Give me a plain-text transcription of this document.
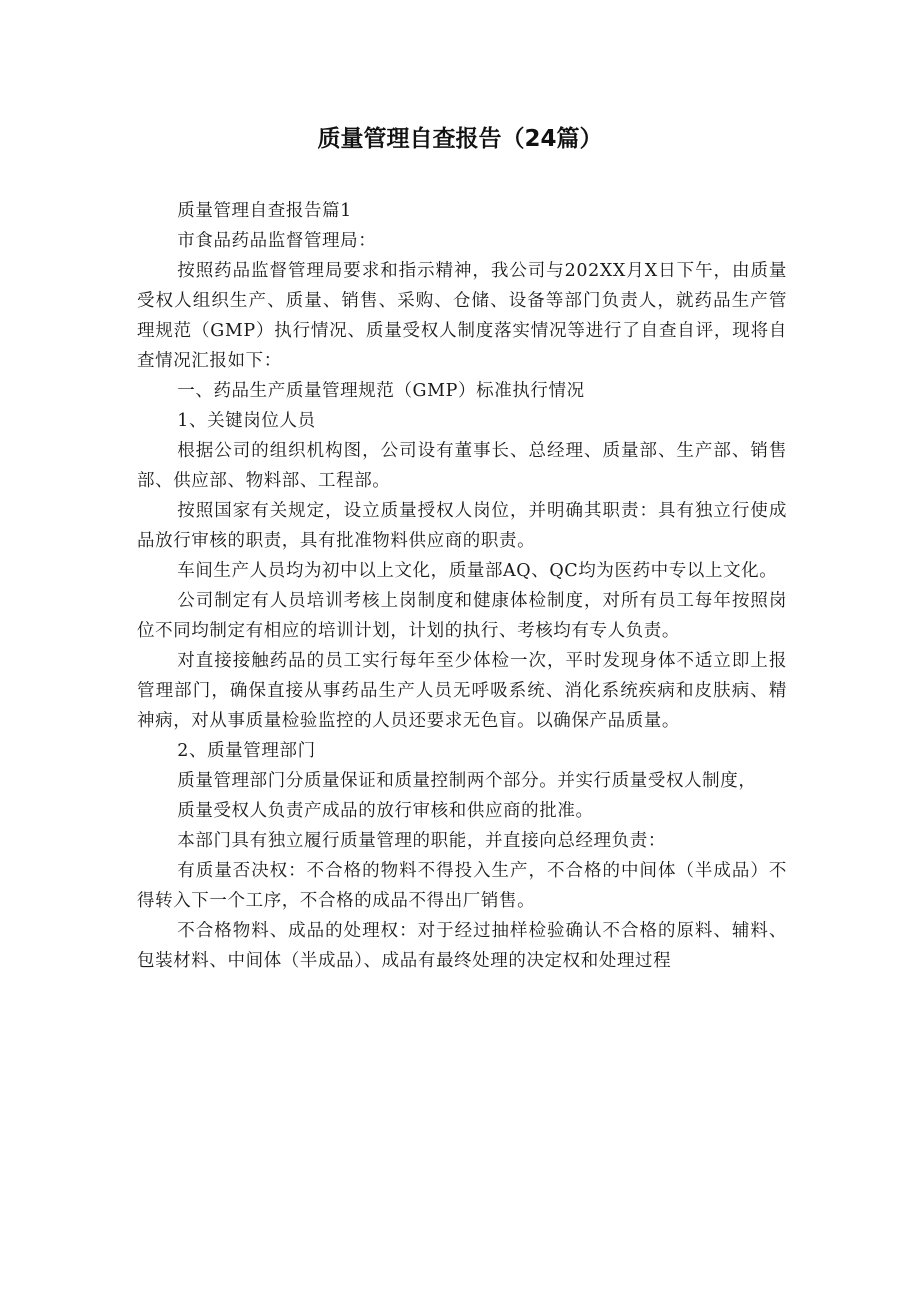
质量管理自查报告（24篇）

质量管理自查报告篇1

市食品药品监督管理局：

按照药品监督管理局要求和指示精神，我公司与202XX月X日下午，由质量受权人组织生产、质量、销售、采购、仓储、设备等部门负责人，就药品生产管理规范（GMP）执行情况、质量受权人制度落实情况等进行了自查自评，现将自查情况汇报如下：

一、药品生产质量管理规范（GMP）标准执行情况

1、关键岗位人员

根据公司的组织机构图，公司设有董事长、总经理、质量部、生产部、销售部、供应部、物料部、工程部。

按照国家有关规定，设立质量授权人岗位，并明确其职责：具有独立行使成品放行审核的职责，具有批准物料供应商的职责。

车间生产人员均为初中以上文化，质量部AQ、QC均为医药中专以上文化。

公司制定有人员培训考核上岗制度和健康体检制度，对所有员工每年按照岗位不同均制定有相应的培训计划，计划的执行、考核均有专人负责。

对直接接触药品的员工实行每年至少体检一次，平时发现身体不适立即上报管理部门，确保直接从事药品生产人员无呼吸系统、消化系统疾病和皮肤病、精神病，对从事质量检验监控的人员还要求无色盲。以确保产品质量。

2、质量管理部门

质量管理部门分质量保证和质量控制两个部分。并实行质量受权人制度，

质量受权人负责产成品的放行审核和供应商的批准。

本部门具有独立履行质量管理的职能，并直接向总经理负责：

有质量否决权：不合格的物料不得投入生产，不合格的中间体（半成品）不得转入下一个工序，不合格的成品不得出厂销售。

不合格物料、成品的处理权：对于经过抽样检验确认不合格的原料、辅料、包装材料、中间体（半成品）、成品有最终处理的决定权和处理过程
